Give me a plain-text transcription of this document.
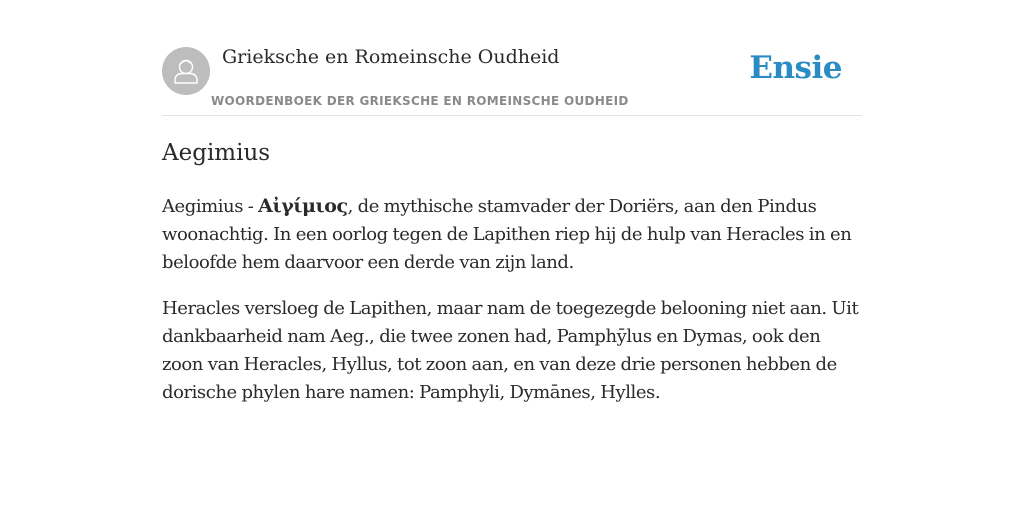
Grieksche en Romeinsche Oudheid
WOORDENBOEK DER GRIEKSCHE EN ROMEINSCHE OUDHEID
Ensie
Aegimius

Aegimius - Αἰγίμιος, de mythische stamvader der Doriërs, aan den Pindus woonachtig. In een oorlog tegen de Lapithen riep hij de hulp van Heracles in en beloofde hem daarvoor een derde van zijn land.

Heracles versloeg de Lapithen, maar nam de toegezegde belooning niet aan. Uit dankbaarheid nam Aeg., die twee zonen had, Pamphȳlus en Dymas, ook den zoon van Heracles, Hyllus, tot zoon aan, en van deze drie personen hebben de dorische phylen hare namen: Pamphyli, Dymānes, Hylles.
